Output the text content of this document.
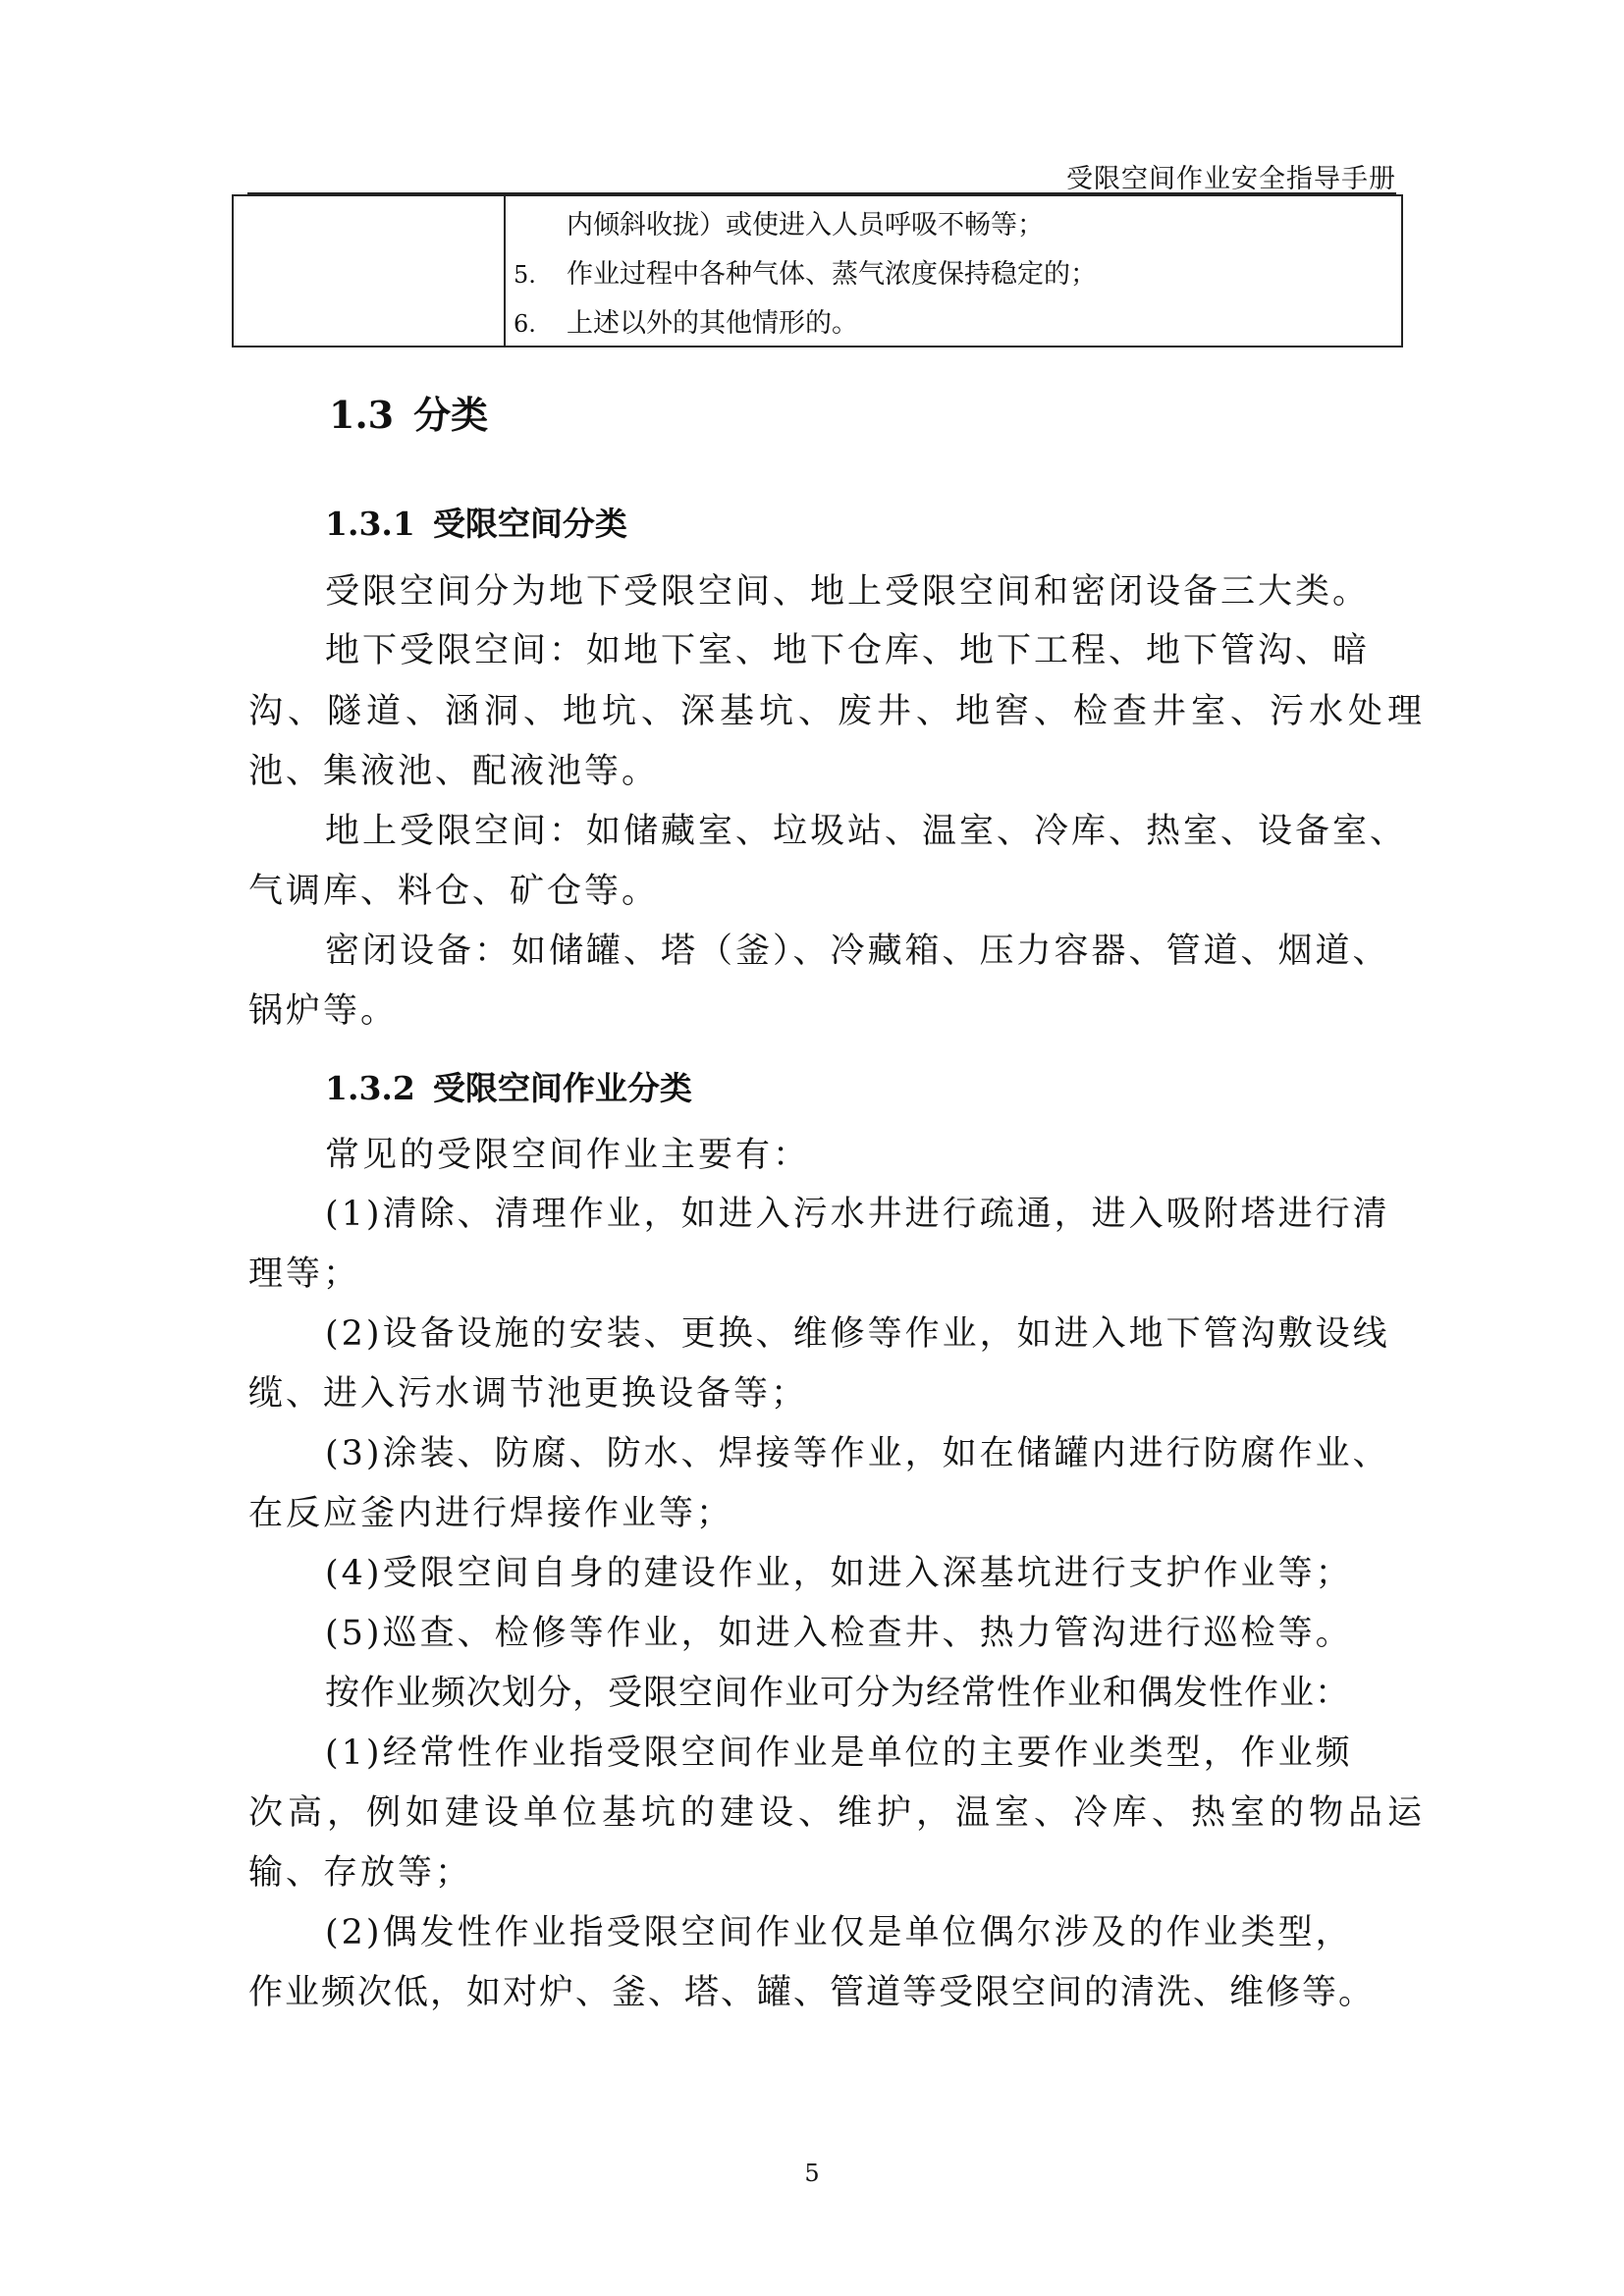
受限空间作业安全指导手册
内倾斜收拢）或使进入人员呼吸不畅等；
5. 作业过程中各种气体、蒸气浓度保持稳定的；
6. 上述以外的其他情形的。
1.3 分类
1.3.1 受限空间分类
受限空间分为地下受限空间、地上受限空间和密闭设备三大类。
地下受限空间：如地下室、地下仓库、地下工程、地下管沟、暗
沟、隧道、涵洞、地坑、深基坑、废井、地窖、检查井室、污水处理
池、集液池、配液池等。
地上受限空间：如储藏室、垃圾站、温室、冷库、热室、设备室、
气调库、料仓、矿仓等。
密闭设备：如储罐、塔（釜）、冷藏箱、压力容器、管道、烟道、
锅炉等。
1.3.2 受限空间作业分类
常见的受限空间作业主要有：
(1)清除、清理作业，如进入污水井进行疏通，进入吸附塔进行清
理等；
(2)设备设施的安装、更换、维修等作业，如进入地下管沟敷设线
缆、进入污水调节池更换设备等；
(3)涂装、防腐、防水、焊接等作业，如在储罐内进行防腐作业、
在反应釜内进行焊接作业等；
(4)受限空间自身的建设作业，如进入深基坑进行支护作业等；
(5)巡查、检修等作业，如进入检查井、热力管沟进行巡检等。
按作业频次划分，受限空间作业可分为经常性作业和偶发性作业：
(1)经常性作业指受限空间作业是单位的主要作业类型，作业频
次高，例如建设单位基坑的建设、维护，温室、冷库、热室的物品运
输、存放等；
(2)偶发性作业指受限空间作业仅是单位偶尔涉及的作业类型，
作业频次低，如对炉、釜、塔、罐、管道等受限空间的清洗、维修等。
5
